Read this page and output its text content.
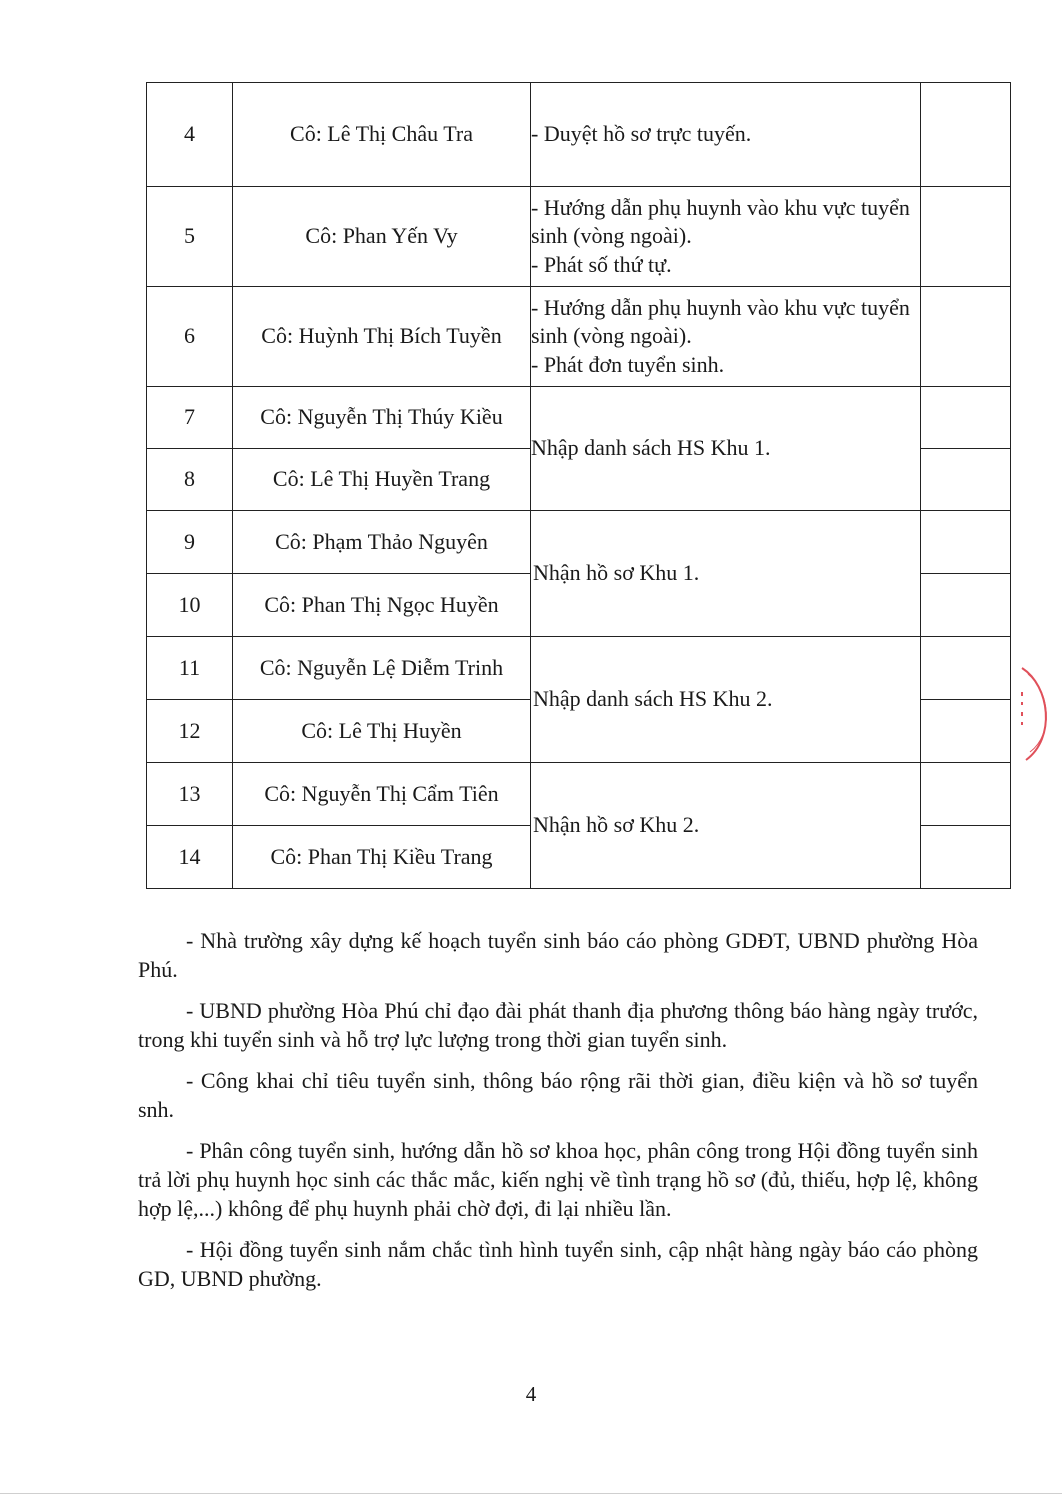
4	Cô: Lê Thị Châu Tra	- Duyệt hồ sơ trực tuyến.	

5	Cô: Phan Yến Vy	- Hướng dẫn phụ huynh vào khu vực tuyển sinh (vòng ngoài).

- Phát số thứ tự.	

6	Cô: Huỳnh Thị Bích Tuyền	- Hướng dẫn phụ huynh vào khu vực tuyển sinh (vòng ngoài).

- Phát đơn tuyển sinh.	

7	Cô: Nguyễn Thị Thúy Kiều	Nhập danh sách HS Khu 1.	

8	Cô: Lê Thị Huyền Trang		
9	Cô: Phạm Thảo Nguyên	Nhận hồ sơ Khu 1.	

10	Cô: Phan Thị Ngọc Huyền		
11	Cô: Nguyễn Lệ Diễm Trinh	Nhập danh sách HS Khu 2.	

12	Cô: Lê Thị Huyền		
13	Cô: Nguyễn Thị Cẩm Tiên	Nhận hồ sơ Khu 2.	

14	Cô: Phan Thị Kiều Trang		

- Nhà trường xây dựng kế hoạch tuyển sinh báo cáo phòng GDĐT, UBND phường Hòa Phú.

- UBND phường Hòa Phú chỉ đạo đài phát thanh địa phương thông báo hàng ngày trước, trong khi tuyển sinh và hỗ trợ lực lượng trong thời gian tuyển sinh.

- Công khai chỉ tiêu tuyển sinh, thông báo rộng rãi thời gian, điều kiện và hồ sơ tuyển snh.

- Phân công tuyển sinh, hướng dẫn hồ sơ khoa học, phân công trong Hội đồng tuyển sinh trả lời phụ huynh học sinh các thắc mắc, kiến nghị về tình trạng hồ sơ (đủ, thiếu, hợp lệ, không hợp lệ,...) không để phụ huynh phải chờ đợi, đi lại nhiều lần.

- Hội đồng tuyển sinh nắm chắc tình hình tuyển sinh, cập nhật hàng ngày báo cáo phòng GD, UBND phường.

4
